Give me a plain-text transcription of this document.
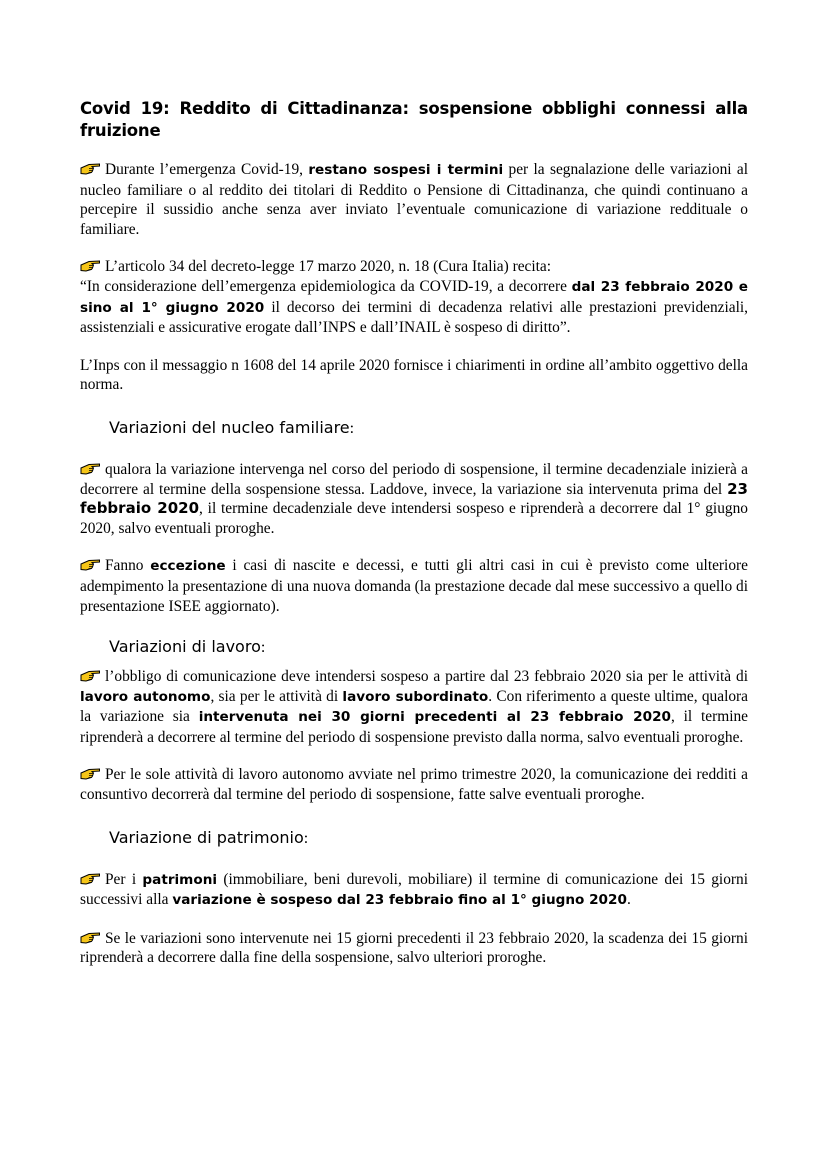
Covid 19: Reddito di Cittadinanza: sospensione obblighi connessi alla fruizione

Durante l’emergenza Covid-19, restano sospesi i termini per la segnalazione delle variazioni al nucleo familiare o al reddito dei titolari di Reddito o Pensione di Cittadinanza, che quindi continuano a percepire il sussidio anche senza aver inviato l’eventuale comunicazione di variazione reddituale o familiare.

L’articolo 34 del decreto-legge 17 marzo 2020, n. 18 (Cura Italia) recita:

“In considerazione dell’emergenza epidemiologica da COVID-19, a decorrere dal 23 febbraio 2020 e sino al 1° giugno 2020 il decorso dei termini di decadenza relativi alle prestazioni previdenziali, assistenziali e assicurative erogate dall’INPS e dall’INAIL è sospeso di diritto”.

L’Inps con il messaggio n 1608 del 14 aprile 2020 fornisce i chiarimenti in ordine all’ambito oggettivo della norma.

Variazioni del nucleo familiare:

qualora la variazione intervenga nel corso del periodo di sospensione, il termine decadenziale inizierà a decorrere al termine della sospensione stessa. Laddove, invece, la variazione sia intervenuta prima del 23 febbraio 2020, il termine decadenziale deve intendersi sospeso e riprenderà a decorrere dal 1° giugno 2020, salvo eventuali proroghe.

Fanno eccezione i casi di nascite e decessi, e tutti gli altri casi in cui è previsto come ulteriore adempimento la presentazione di una nuova domanda (la prestazione decade dal mese successivo a quello di presentazione ISEE aggiornato).

Variazioni di lavoro:

l’obbligo di comunicazione deve intendersi sospeso a partire dal 23 febbraio 2020 sia per le attività di lavoro autonomo, sia per le attività di lavoro subordinato. Con riferimento a queste ultime, qualora la variazione sia intervenuta nei 30 giorni precedenti al 23 febbraio 2020, il termine riprenderà a decorrere al termine del periodo di sospensione previsto dalla norma, salvo eventuali proroghe.

Per le sole attività di lavoro autonomo avviate nel primo trimestre 2020, la comunicazione dei redditi a consuntivo decorrerà dal termine del periodo di sospensione, fatte salve eventuali proroghe.

Variazione di patrimonio:

Per i patrimoni (immobiliare, beni durevoli, mobiliare) il termine di comunicazione dei 15 giorni successivi alla variazione è sospeso dal 23 febbraio fino al 1° giugno 2020.

Se le variazioni sono intervenute nei 15 giorni precedenti il 23 febbraio 2020, la scadenza dei 15 giorni riprenderà a decorrere dalla fine della sospensione, salvo ulteriori proroghe.
